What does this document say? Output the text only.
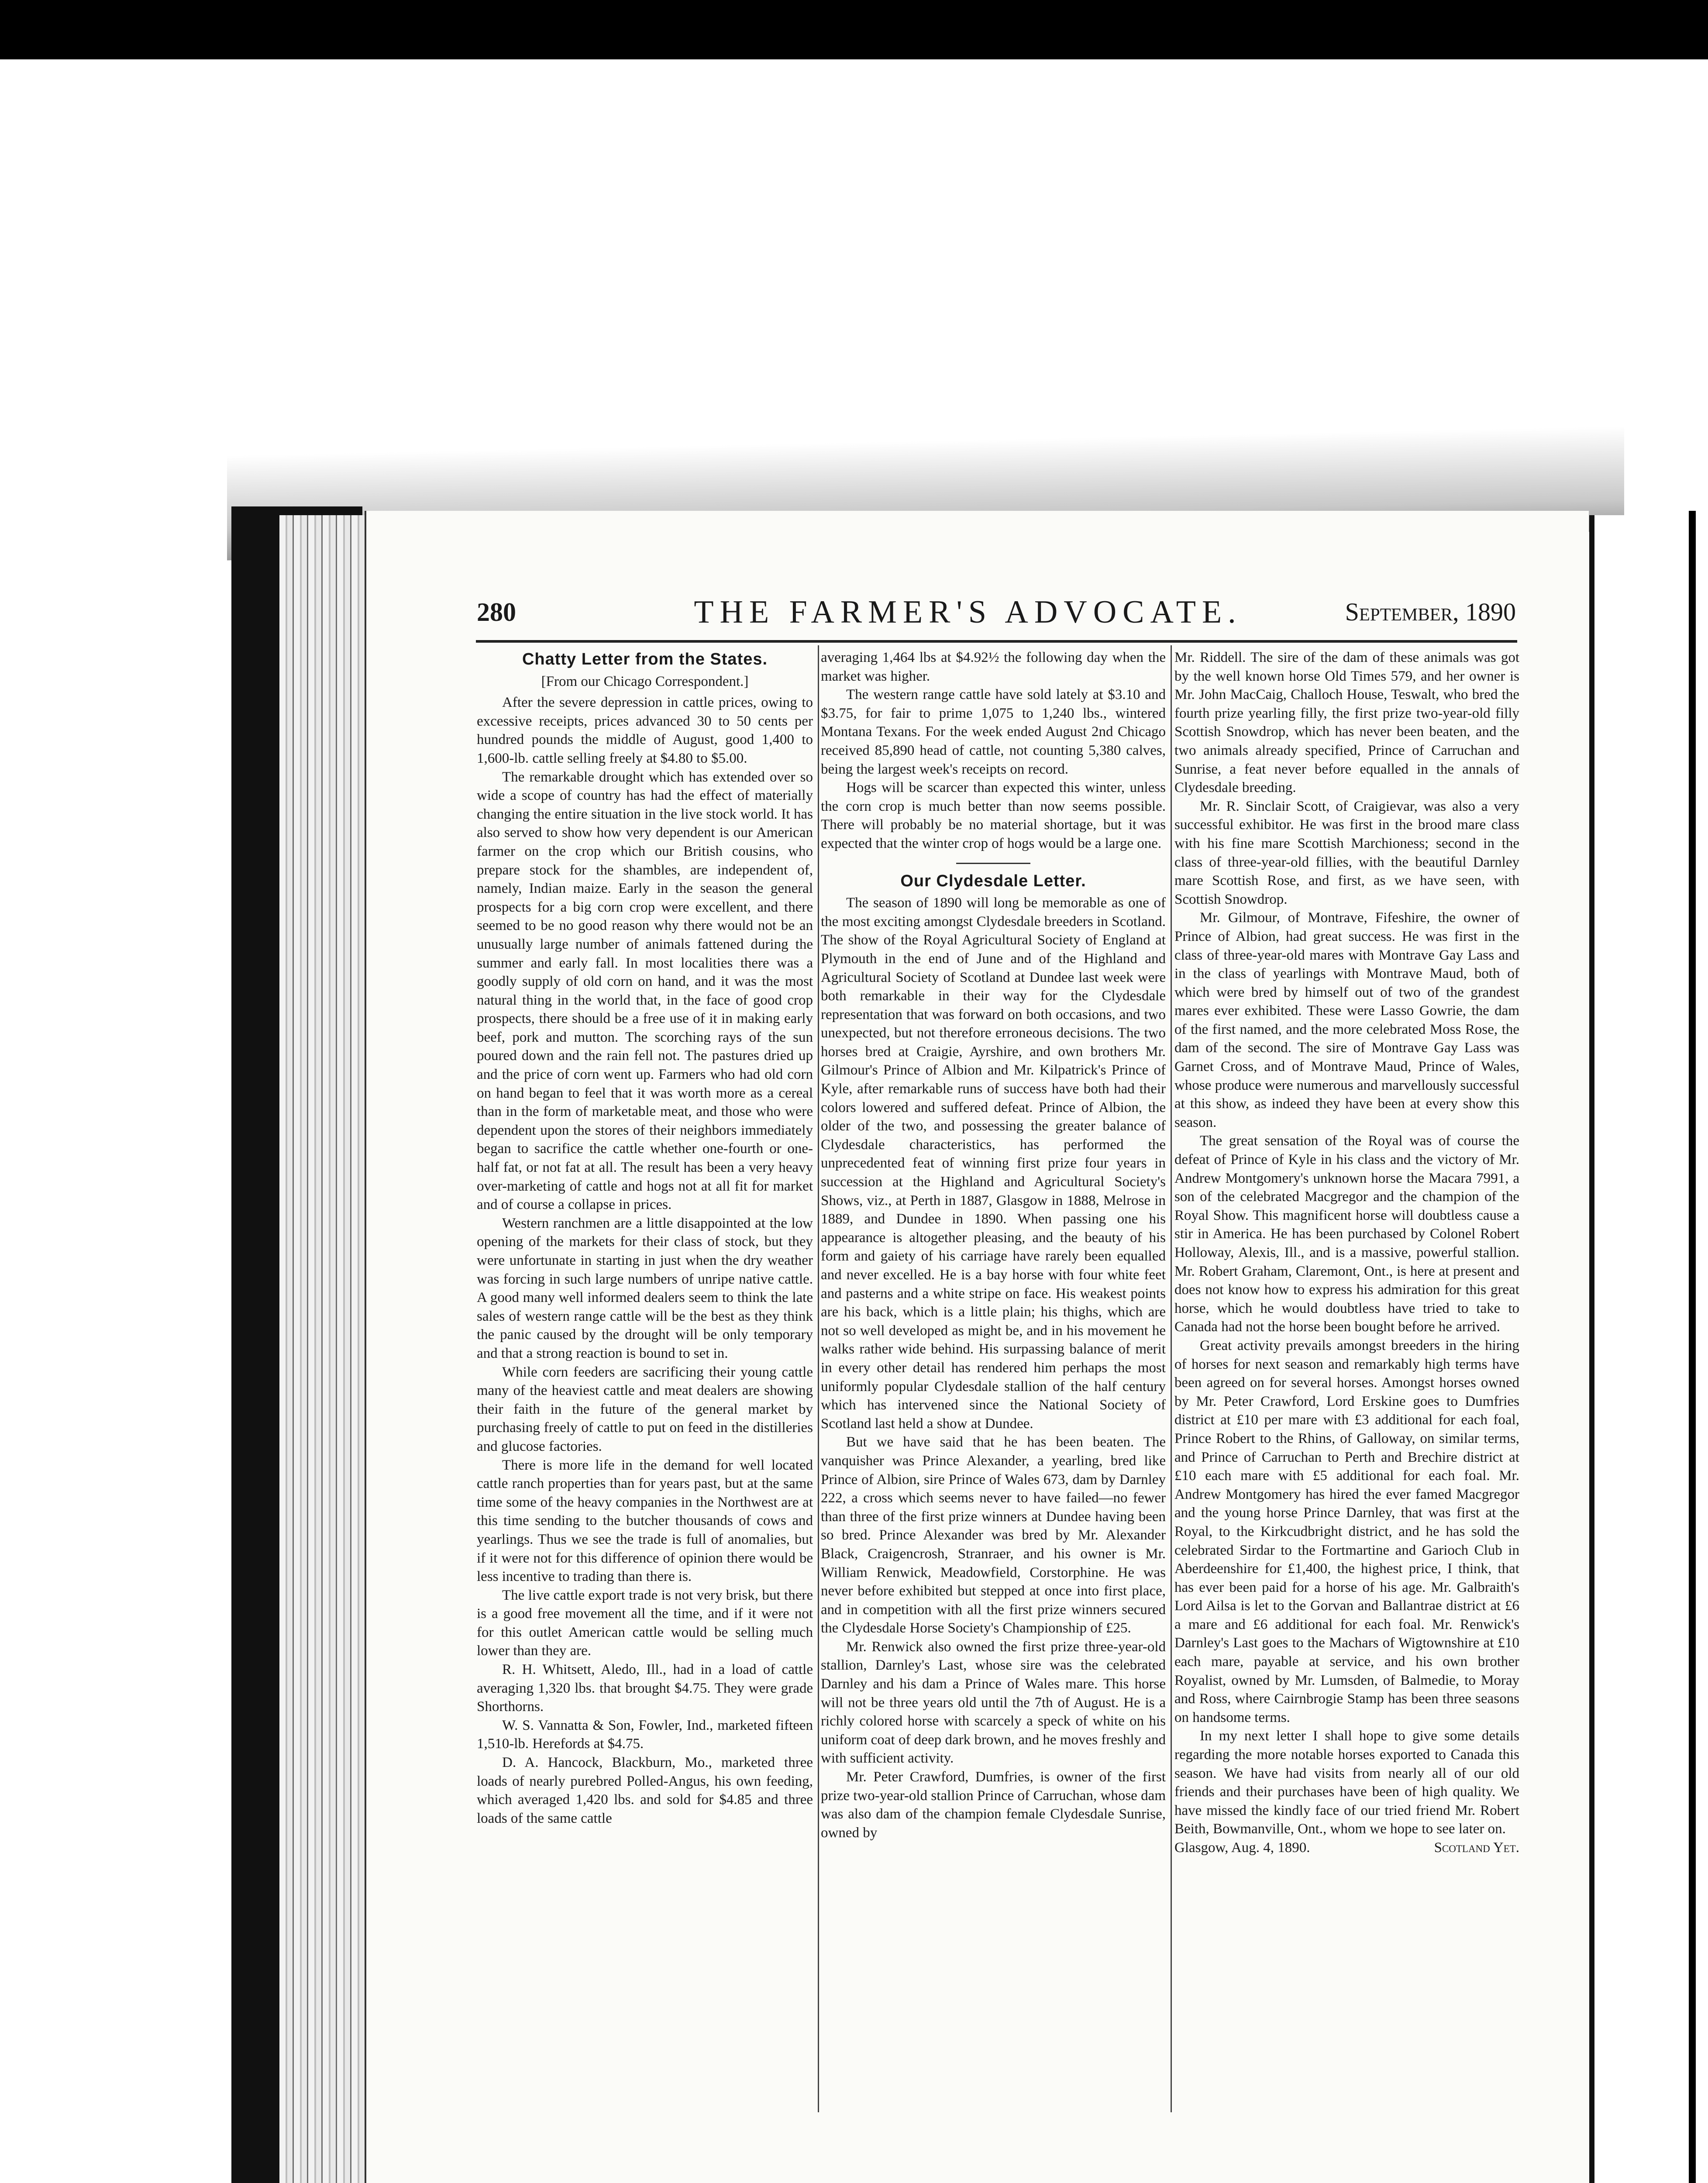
280	THE FARMER'S ADVOCATE.	September, 1890
Chatty Letter from the States.
[From our Chicago Correspondent.]

After the severe depression in cattle prices, owing to excessive receipts, prices advanced 30 to 50 cents per hundred pounds the middle of August, good 1,400 to 1,600-lb. cattle selling freely at $4.80 to $5.00.

The remarkable drought which has extended over so wide a scope of country has had the effect of materially changing the entire situation in the live stock world. It has also served to show how very dependent is our American farmer on the crop which our British cousins, who prepare stock for the shambles, are independent of, namely, Indian maize. Early in the season the general prospects for a big corn crop were excellent, and there seemed to be no good reason why there would not be an unusually large number of animals fattened during the summer and early fall. In most localities there was a goodly supply of old corn on hand, and it was the most natural thing in the world that, in the face of good crop prospects, there should be a free use of it in making early beef, pork and mutton. The scorching rays of the sun poured down and the rain fell not. The pastures dried up and the price of corn went up. Farmers who had old corn on hand began to feel that it was worth more as a cereal than in the form of marketable meat, and those who were dependent upon the stores of their neighbors immediately began to sacrifice the cattle whether one-fourth or one-half fat, or not fat at all. The result has been a very heavy over-marketing of cattle and hogs not at all fit for market and of course a collapse in prices.

Western ranchmen are a little disappointed at the low opening of the markets for their class of stock, but they were unfortunate in starting in just when the dry weather was forcing in such large numbers of unripe native cattle. A good many well informed dealers seem to think the late sales of western range cattle will be the best as they think the panic caused by the drought will be only temporary and that a strong reaction is bound to set in.

While corn feeders are sacrificing their young cattle many of the heaviest cattle and meat dealers are showing their faith in the future of the general market by purchasing freely of cattle to put on feed in the distilleries and glucose factories.

There is more life in the demand for well located cattle ranch properties than for years past, but at the same time some of the heavy companies in the Northwest are at this time sending to the butcher thousands of cows and yearlings. Thus we see the trade is full of anomalies, but if it were not for this difference of opinion there would be less incentive to trading than there is.

The live cattle export trade is not very brisk, but there is a good free movement all the time, and if it were not for this outlet American cattle would be selling much lower than they are.

R. H. Whitsett, Aledo, Ill., had in a load of cattle averaging 1,320 lbs. that brought $4.75. They were grade Shorthorns.

W. S. Vannatta & Son, Fowler, Ind., marketed fifteen 1,510-lb. Herefords at $4.75.

D. A. Hancock, Blackburn, Mo., marketed three loads of nearly purebred Polled-Angus, his own feeding, which averaged 1,420 lbs. and sold for $4.85 and three loads of the same cattle

averaging 1,464 lbs at $4.92½ the following day when the market was higher.

The western range cattle have sold lately at $3.10 and $3.75, for fair to prime 1,075 to 1,240 lbs., wintered Montana Texans. For the week ended August 2nd Chicago received 85,890 head of cattle, not counting 5,380 calves, being the largest week's receipts on record.

Hogs will be scarcer than expected this winter, unless the corn crop is much better than now seems possible. There will probably be no material shortage, but it was expected that the winter crop of hogs would be a large one.

Our Clydesdale Letter.

The season of 1890 will long be memorable as one of the most exciting amongst Clydesdale breeders in Scotland. The show of the Royal Agricultural Society of England at Plymouth in the end of June and of the Highland and Agricultural Society of Scotland at Dundee last week were both remarkable in their way for the Clydesdale representation that was forward on both occasions, and two unexpected, but not therefore erroneous decisions. The two horses bred at Craigie, Ayrshire, and own brothers Mr. Gilmour's Prince of Albion and Mr. Kilpatrick's Prince of Kyle, after remarkable runs of success have both had their colors lowered and suffered defeat. Prince of Albion, the older of the two, and possessing the greater balance of Clydesdale characteristics, has performed the unprecedented feat of winning first prize four years in succession at the Highland and Agricultural Society's Shows, viz., at Perth in 1887, Glasgow in 1888, Melrose in 1889, and Dundee in 1890. When passing one his appearance is altogether pleasing, and the beauty of his form and gaiety of his carriage have rarely been equalled and never excelled. He is a bay horse with four white feet and pasterns and a white stripe on face. His weakest points are his back, which is a little plain; his thighs, which are not so well developed as might be, and in his movement he walks rather wide behind. His surpassing balance of merit in every other detail has rendered him perhaps the most uniformly popular Clydesdale stallion of the half century which has intervened since the National Society of Scotland last held a show at Dundee.

But we have said that he has been beaten. The vanquisher was Prince Alexander, a yearling, bred like Prince of Albion, sire Prince of Wales 673, dam by Darnley 222, a cross which seems never to have failed—no fewer than three of the first prize winners at Dundee having been so bred. Prince Alexander was bred by Mr. Alexander Black, Craigencrosh, Stranraer, and his owner is Mr. William Renwick, Meadowfield, Corstorphine. He was never before exhibited but stepped at once into first place, and in competition with all the first prize winners secured the Clydesdale Horse Society's Championship of £25.

Mr. Renwick also owned the first prize three-year-old stallion, Darnley's Last, whose sire was the celebrated Darnley and his dam a Prince of Wales mare. This horse will not be three years old until the 7th of August. He is a richly colored horse with scarcely a speck of white on his uniform coat of deep dark brown, and he moves freshly and with sufficient activity.

Mr. Peter Crawford, Dumfries, is owner of the first prize two-year-old stallion Prince of Carruchan, whose dam was also dam of the champion female Clydesdale Sunrise, owned by

Mr. Riddell. The sire of the dam of these animals was got by the well known horse Old Times 579, and her owner is Mr. John MacCaig, Challoch House, Teswalt, who bred the fourth prize yearling filly, the first prize two-year-old filly Scottish Snowdrop, which has never been beaten, and the two animals already specified, Prince of Carruchan and Sunrise, a feat never before equalled in the annals of Clydesdale breeding.

Mr. R. Sinclair Scott, of Craigievar, was also a very successful exhibitor. He was first in the brood mare class with his fine mare Scottish Marchioness; second in the class of three-year-old fillies, with the beautiful Darnley mare Scottish Rose, and first, as we have seen, with Scottish Snowdrop.

Mr. Gilmour, of Montrave, Fifeshire, the owner of Prince of Albion, had great success. He was first in the class of three-year-old mares with Montrave Gay Lass and in the class of yearlings with Montrave Maud, both of which were bred by himself out of two of the grandest mares ever exhibited. These were Lasso Gowrie, the dam of the first named, and the more celebrated Moss Rose, the dam of the second. The sire of Montrave Gay Lass was Garnet Cross, and of Montrave Maud, Prince of Wales, whose produce were numerous and marvellously successful at this show, as indeed they have been at every show this season.

The great sensation of the Royal was of course the defeat of Prince of Kyle in his class and the victory of Mr. Andrew Montgomery's unknown horse the Macara 7991, a son of the celebrated Macgregor and the champion of the Royal Show. This magnificent horse will doubtless cause a stir in America. He has been purchased by Colonel Robert Holloway, Alexis, Ill., and is a massive, powerful stallion. Mr. Robert Graham, Claremont, Ont., is here at present and does not know how to express his admiration for this great horse, which he would doubtless have tried to take to Canada had not the horse been bought before he arrived.

Great activity prevails amongst breeders in the hiring of horses for next season and remarkably high terms have been agreed on for several horses. Amongst horses owned by Mr. Peter Crawford, Lord Erskine goes to Dumfries district at £10 per mare with £3 additional for each foal, Prince Robert to the Rhins, of Galloway, on similar terms, and Prince of Carruchan to Perth and Brechire district at £10 each mare with £5 additional for each foal. Mr. Andrew Montgomery has hired the ever famed Macgregor and the young horse Prince Darnley, that was first at the Royal, to the Kirkcudbright district, and he has sold the celebrated Sirdar to the Fortmartine and Garioch Club in Aberdeenshire for £1,400, the highest price, I think, that has ever been paid for a horse of his age. Mr. Galbraith's Lord Ailsa is let to the Gorvan and Ballantrae district at £6 a mare and £6 additional for each foal. Mr. Renwick's Darnley's Last goes to the Machars of Wigtownshire at £10 each mare, payable at service, and his own brother Royalist, owned by Mr. Lumsden, of Balmedie, to Moray and Ross, where Cairnbrogie Stamp has been three seasons on handsome terms.

In my next letter I shall hope to give some details regarding the more notable horses exported to Canada this season. We have had visits from nearly all of our old friends and their purchases have been of high quality. We have missed the kindly face of our tried friend Mr. Robert Beith, Bowmanville, Ont., whom we hope to see later on.

Glasgow, Aug. 4, 1890.	Scotland Yet.
